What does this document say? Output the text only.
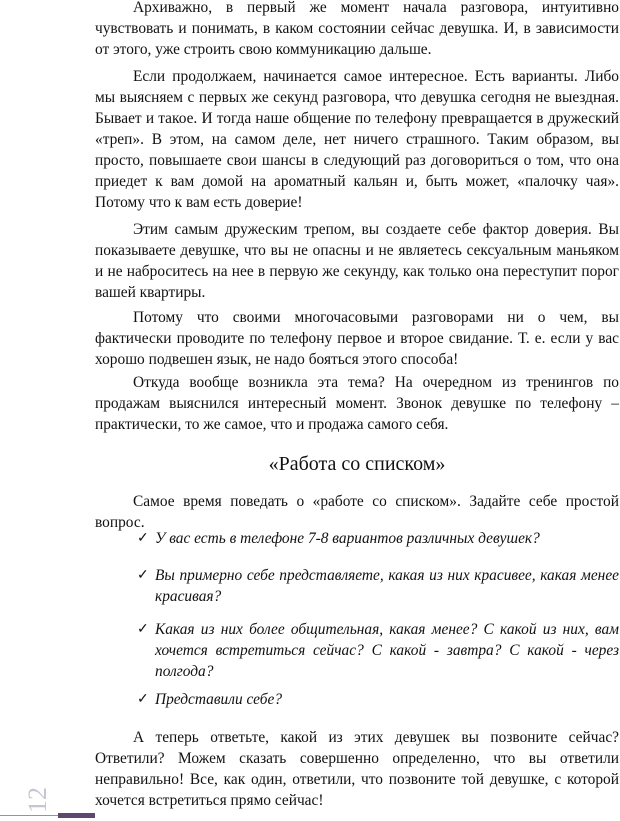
Архиважно, в первый же момент начала разговора, интуитивно чувствовать и понимать, в каком состоянии сейчас девушка. И, в зависимости от этого, уже строить свою коммуникацию дальше.

Если продолжаем, начинается самое интересное. Есть варианты. Либо мы выясняем с первых же секунд разговора, что девушка сегодня не выездная. Бывает и такое. И тогда наше общение по телефону превращается в дружеский «треп». В этом, на самом деле, нет ничего страшного. Таким образом, вы просто, повышаете свои шансы в следующий раз договориться о том, что она приедет к вам домой на ароматный кальян и, быть может, «палочку чая». Потому что к вам есть доверие!

Этим самым дружеским трепом, вы создаете себе фактор доверия. Вы показываете девушке, что вы не опасны и не являетесь сексуальным маньяком и не наброситесь на нее в первую же секунду, как только она переступит порог вашей квартиры.

Потому что своими многочасовыми разговорами ни о чем, вы фактически проводите по телефону первое и второе свидание. Т. е. если у вас хорошо подвешен язык, не надо бояться этого способа!

Откуда вообще возникла эта тема? На очередном из тренингов по продажам выяснился интересный момент. Звонок девушке по телефону – практически, то же самое, что и продажа самого себя.

«Работа со списком»

Самое время поведать о «работе со списком». Задайте себе простой вопрос.

✓ У вас есть в телефоне 7-8 вариантов различных девушек?
✓ Вы примерно себе представляете, какая из них красивее, какая менее красивая?
✓ Какая из них более общительная, какая менее? С какой из них, вам хочется встретиться сейчас? С какой - завтра? С какой - через полгода?
✓ Представили себе?

А теперь ответьте, какой из этих девушек вы позвоните сейчас? Ответили? Можем сказать совершенно определенно, что вы ответили неправильно! Все, как один, ответили, что позвоните той девушке, с которой хочется встретиться прямо сейчас!

12
